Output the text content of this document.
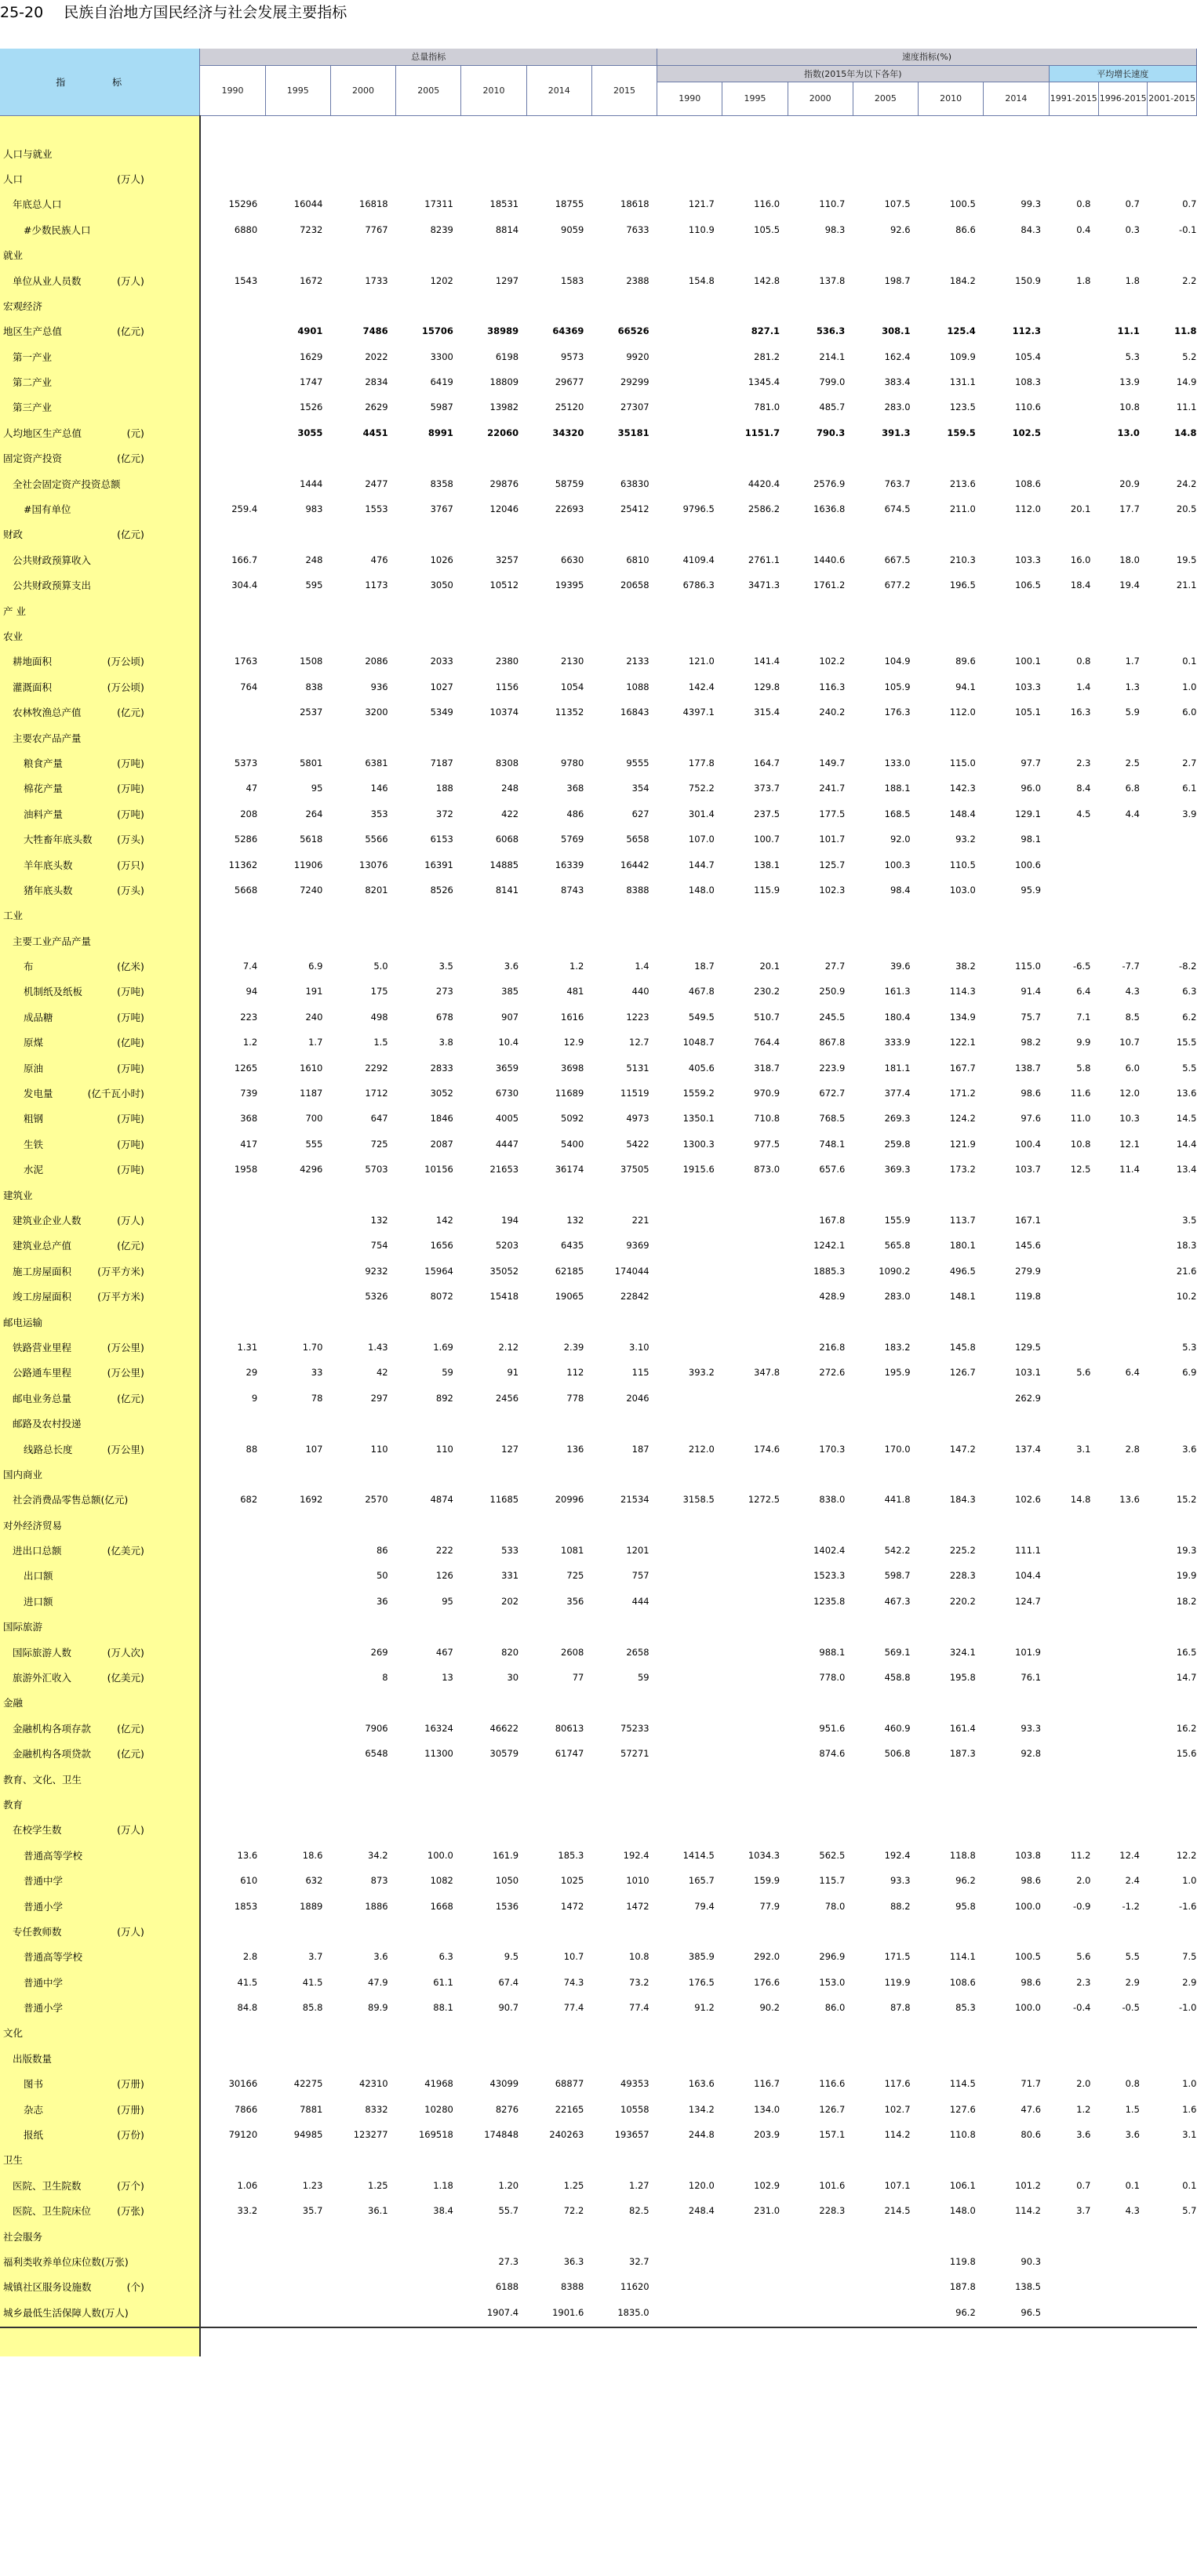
25-20 民族自治地方国民经济与社会发展主要指标
指 标	总量指标							速度指标(%)								
	1990	1995	2000	2005	2010	2014	2015	指数(2015年为以下各年)						平均增长速度		
								1990	1995	2000	2005	2010	2014	1991-2015	1996-2015	2001-2015

人口与就业																
人口 (万人)																

年底总人口	15296	16044	16818	17311	18531	18755	18618	121.7	116.0	110.7	107.5	100.5	99.3	0.8	0.7	0.7
#少数民族人口	6880	7232	7767	8239	8814	9059	7633	110.9	105.5	98.3	92.6	86.6	84.3	0.4	0.3	-0.1
就业																
单位从业人员数 (万人)	1543	1672	1733	1202	1297	1583	2388	154.8	142.8	137.8	198.7	184.2	150.9	1.8	1.8	2.2
宏观经济																
地区生产总值 (亿元)		4901	7486	15706	38989	64369	66526		827.1	536.3	308.1	125.4	112.3		11.1	11.8
第一产业		1629	2022	3300	6198	9573	9920		281.2	214.1	162.4	109.9	105.4		5.3	5.2
第二产业		1747	2834	6419	18809	29677	29299		1345.4	799.0	383.4	131.1	108.3		13.9	14.9
第三产业		1526	2629	5987	13982	25120	27307		781.0	485.7	283.0	123.5	110.6		10.8	11.1
人均地区生产总值 (元)		3055	4451	8991	22060	34320	35181		1151.7	790.3	391.3	159.5	102.5		13.0	14.8
固定资产投资 (亿元)																

全社会固定资产投资总额		1444	2477	8358	29876	58759	63830		4420.4	2576.9	763.7	213.6	108.6		20.9	24.2
#国有单位	259.4	983	1553	3767	12046	22693	25412	9796.5	2586.2	1636.8	674.5	211.0	112.0	20.1	17.7	20.5
财政 (亿元)																

公共财政预算收入	166.7	248	476	1026	3257	6630	6810	4109.4	2761.1	1440.6	667.5	210.3	103.3	16.0	18.0	19.5
公共财政预算支出	304.4	595	1173	3050	10512	19395	20658	6786.3	3471.3	1761.2	677.2	196.5	106.5	18.4	19.4	21.1
产 业																
农业																
耕地面积 (万公顷)	1763	1508	2086	2033	2380	2130	2133	121.0	141.4	102.2	104.9	89.6	100.1	0.8	1.7	0.1
灌溉面积 (万公顷)	764	838	936	1027	1156	1054	1088	142.4	129.8	116.3	105.9	94.1	103.3	1.4	1.3	1.0
农林牧渔总产值 (亿元)		2537	3200	5349	10374	11352	16843	4397.1	315.4	240.2	176.3	112.0	105.1	16.3	5.9	6.0
主要农产品产量																
粮食产量 (万吨)	5373	5801	6381	7187	8308	9780	9555	177.8	164.7	149.7	133.0	115.0	97.7	2.3	2.5	2.7
棉花产量 (万吨)	47	95	146	188	248	368	354	752.2	373.7	241.7	188.1	142.3	96.0	8.4	6.8	6.1
油料产量 (万吨)	208	264	353	372	422	486	627	301.4	237.5	177.5	168.5	148.4	129.1	4.5	4.4	3.9
大牲畜年底头数 (万头)	5286	5618	5566	6153	6068	5769	5658	107.0	100.7	101.7	92.0	93.2	98.1			
羊年底头数 (万只)	11362	11906	13076	16391	14885	16339	16442	144.7	138.1	125.7	100.3	110.5	100.6			
猪年底头数 (万头)	5668	7240	8201	8526	8141	8743	8388	148.0	115.9	102.3	98.4	103.0	95.9			
工业																
主要工业产品产量																
布 (亿米)	7.4	6.9	5.0	3.5	3.6	1.2	1.4	18.7	20.1	27.7	39.6	38.2	115.0	-6.5	-7.7	-8.2
机制纸及纸板 (万吨)	94	191	175	273	385	481	440	467.8	230.2	250.9	161.3	114.3	91.4	6.4	4.3	6.3
成品糖 (万吨)	223	240	498	678	907	1616	1223	549.5	510.7	245.5	180.4	134.9	75.7	7.1	8.5	6.2
原煤 (亿吨)	1.2	1.7	1.5	3.8	10.4	12.9	12.7	1048.7	764.4	867.8	333.9	122.1	98.2	9.9	10.7	15.5
原油 (万吨)	1265	1610	2292	2833	3659	3698	5131	405.6	318.7	223.9	181.1	167.7	138.7	5.8	6.0	5.5
发电量 (亿千瓦小时)	739	1187	1712	3052	6730	11689	11519	1559.2	970.9	672.7	377.4	171.2	98.6	11.6	12.0	13.6
粗钢 (万吨)	368	700	647	1846	4005	5092	4973	1350.1	710.8	768.5	269.3	124.2	97.6	11.0	10.3	14.5
生铁 (万吨)	417	555	725	2087	4447	5400	5422	1300.3	977.5	748.1	259.8	121.9	100.4	10.8	12.1	14.4
水泥 (万吨)	1958	4296	5703	10156	21653	36174	37505	1915.6	873.0	657.6	369.3	173.2	103.7	12.5	11.4	13.4
建筑业																
建筑业企业人数 (万人)			132	142	194	132	221			167.8	155.9	113.7	167.1			3.5
建筑业总产值 (亿元)			754	1656	5203	6435	9369			1242.1	565.8	180.1	145.6			18.3
施工房屋面积 (万平方米)			9232	15964	35052	62185	174044			1885.3	1090.2	496.5	279.9			21.6
竣工房屋面积 (万平方米)			5326	8072	15418	19065	22842			428.9	283.0	148.1	119.8			10.2
邮电运输																
铁路营业里程 (万公里)	1.31	1.70	1.43	1.69	2.12	2.39	3.10			216.8	183.2	145.8	129.5			5.3
公路通车里程 (万公里)	29	33	42	59	91	112	115	393.2	347.8	272.6	195.9	126.7	103.1	5.6	6.4	6.9
邮电业务总量 (亿元)	9	78	297	892	2456	778	2046						262.9			
邮路及农村投递																
线路总长度 (万公里)	88	107	110	110	127	136	187	212.0	174.6	170.3	170.0	147.2	137.4	3.1	2.8	3.6
国内商业																
社会消费品零售总额(亿元)	682	1692	2570	4874	11685	20996	21534	3158.5	1272.5	838.0	441.8	184.3	102.6	14.8	13.6	15.2
对外经济贸易																
进出口总额 (亿美元)			86	222	533	1081	1201			1402.4	542.2	225.2	111.1			19.3
出口额			50	126	331	725	757			1523.3	598.7	228.3	104.4			19.9
进口额			36	95	202	356	444			1235.8	467.3	220.2	124.7			18.2
国际旅游																
国际旅游人数 (万人次)			269	467	820	2608	2658			988.1	569.1	324.1	101.9			16.5
旅游外汇收入 (亿美元)			8	13	30	77	59			778.0	458.8	195.8	76.1			14.7
金融																
金融机构各项存款 (亿元)			7906	16324	46622	80613	75233			951.6	460.9	161.4	93.3			16.2
金融机构各项贷款 (亿元)			6548	11300	30579	61747	57271			874.6	506.8	187.3	92.8			15.6
教育、文化、卫生																
教育																
在校学生数 (万人)																

普通高等学校	13.6	18.6	34.2	100.0	161.9	185.3	192.4	1414.5	1034.3	562.5	192.4	118.8	103.8	11.2	12.4	12.2
普通中学	610	632	873	1082	1050	1025	1010	165.7	159.9	115.7	93.3	96.2	98.6	2.0	2.4	1.0
普通小学	1853	1889	1886	1668	1536	1472	1472	79.4	77.9	78.0	88.2	95.8	100.0	-0.9	-1.2	-1.6
专任教师数 (万人)																

普通高等学校	2.8	3.7	3.6	6.3	9.5	10.7	10.8	385.9	292.0	296.9	171.5	114.1	100.5	5.6	5.5	7.5
普通中学	41.5	41.5	47.9	61.1	67.4	74.3	73.2	176.5	176.6	153.0	119.9	108.6	98.6	2.3	2.9	2.9
普通小学	84.8	85.8	89.9	88.1	90.7	77.4	77.4	91.2	90.2	86.0	87.8	85.3	100.0	-0.4	-0.5	-1.0
文化																
出版数量																
图书 (万册)	30166	42275	42310	41968	43099	68877	49353	163.6	116.7	116.6	117.6	114.5	71.7	2.0	0.8	1.0
杂志 (万册)	7866	7881	8332	10280	8276	22165	10558	134.2	134.0	126.7	102.7	127.6	47.6	1.2	1.5	1.6
报纸 (万份)	79120	94985	123277	169518	174848	240263	193657	244.8	203.9	157.1	114.2	110.8	80.6	3.6	3.6	3.1
卫生																
医院、卫生院数 (万个)	1.06	1.23	1.25	1.18	1.20	1.25	1.27	120.0	102.9	101.6	107.1	106.1	101.2	0.7	0.1	0.1
医院、卫生院床位 (万张)	33.2	35.7	36.1	38.4	55.7	72.2	82.5	248.4	231.0	228.3	214.5	148.0	114.2	3.7	4.3	5.7
社会服务																
福利类收养单位床位数(万张)					27.3	36.3	32.7					119.8	90.3			
城镇社区服务设施数 (个)					6188	8388	11620					187.8	138.5			
城乡最低生活保障人数(万人)					1907.4	1901.6	1835.0					96.2	96.5			
